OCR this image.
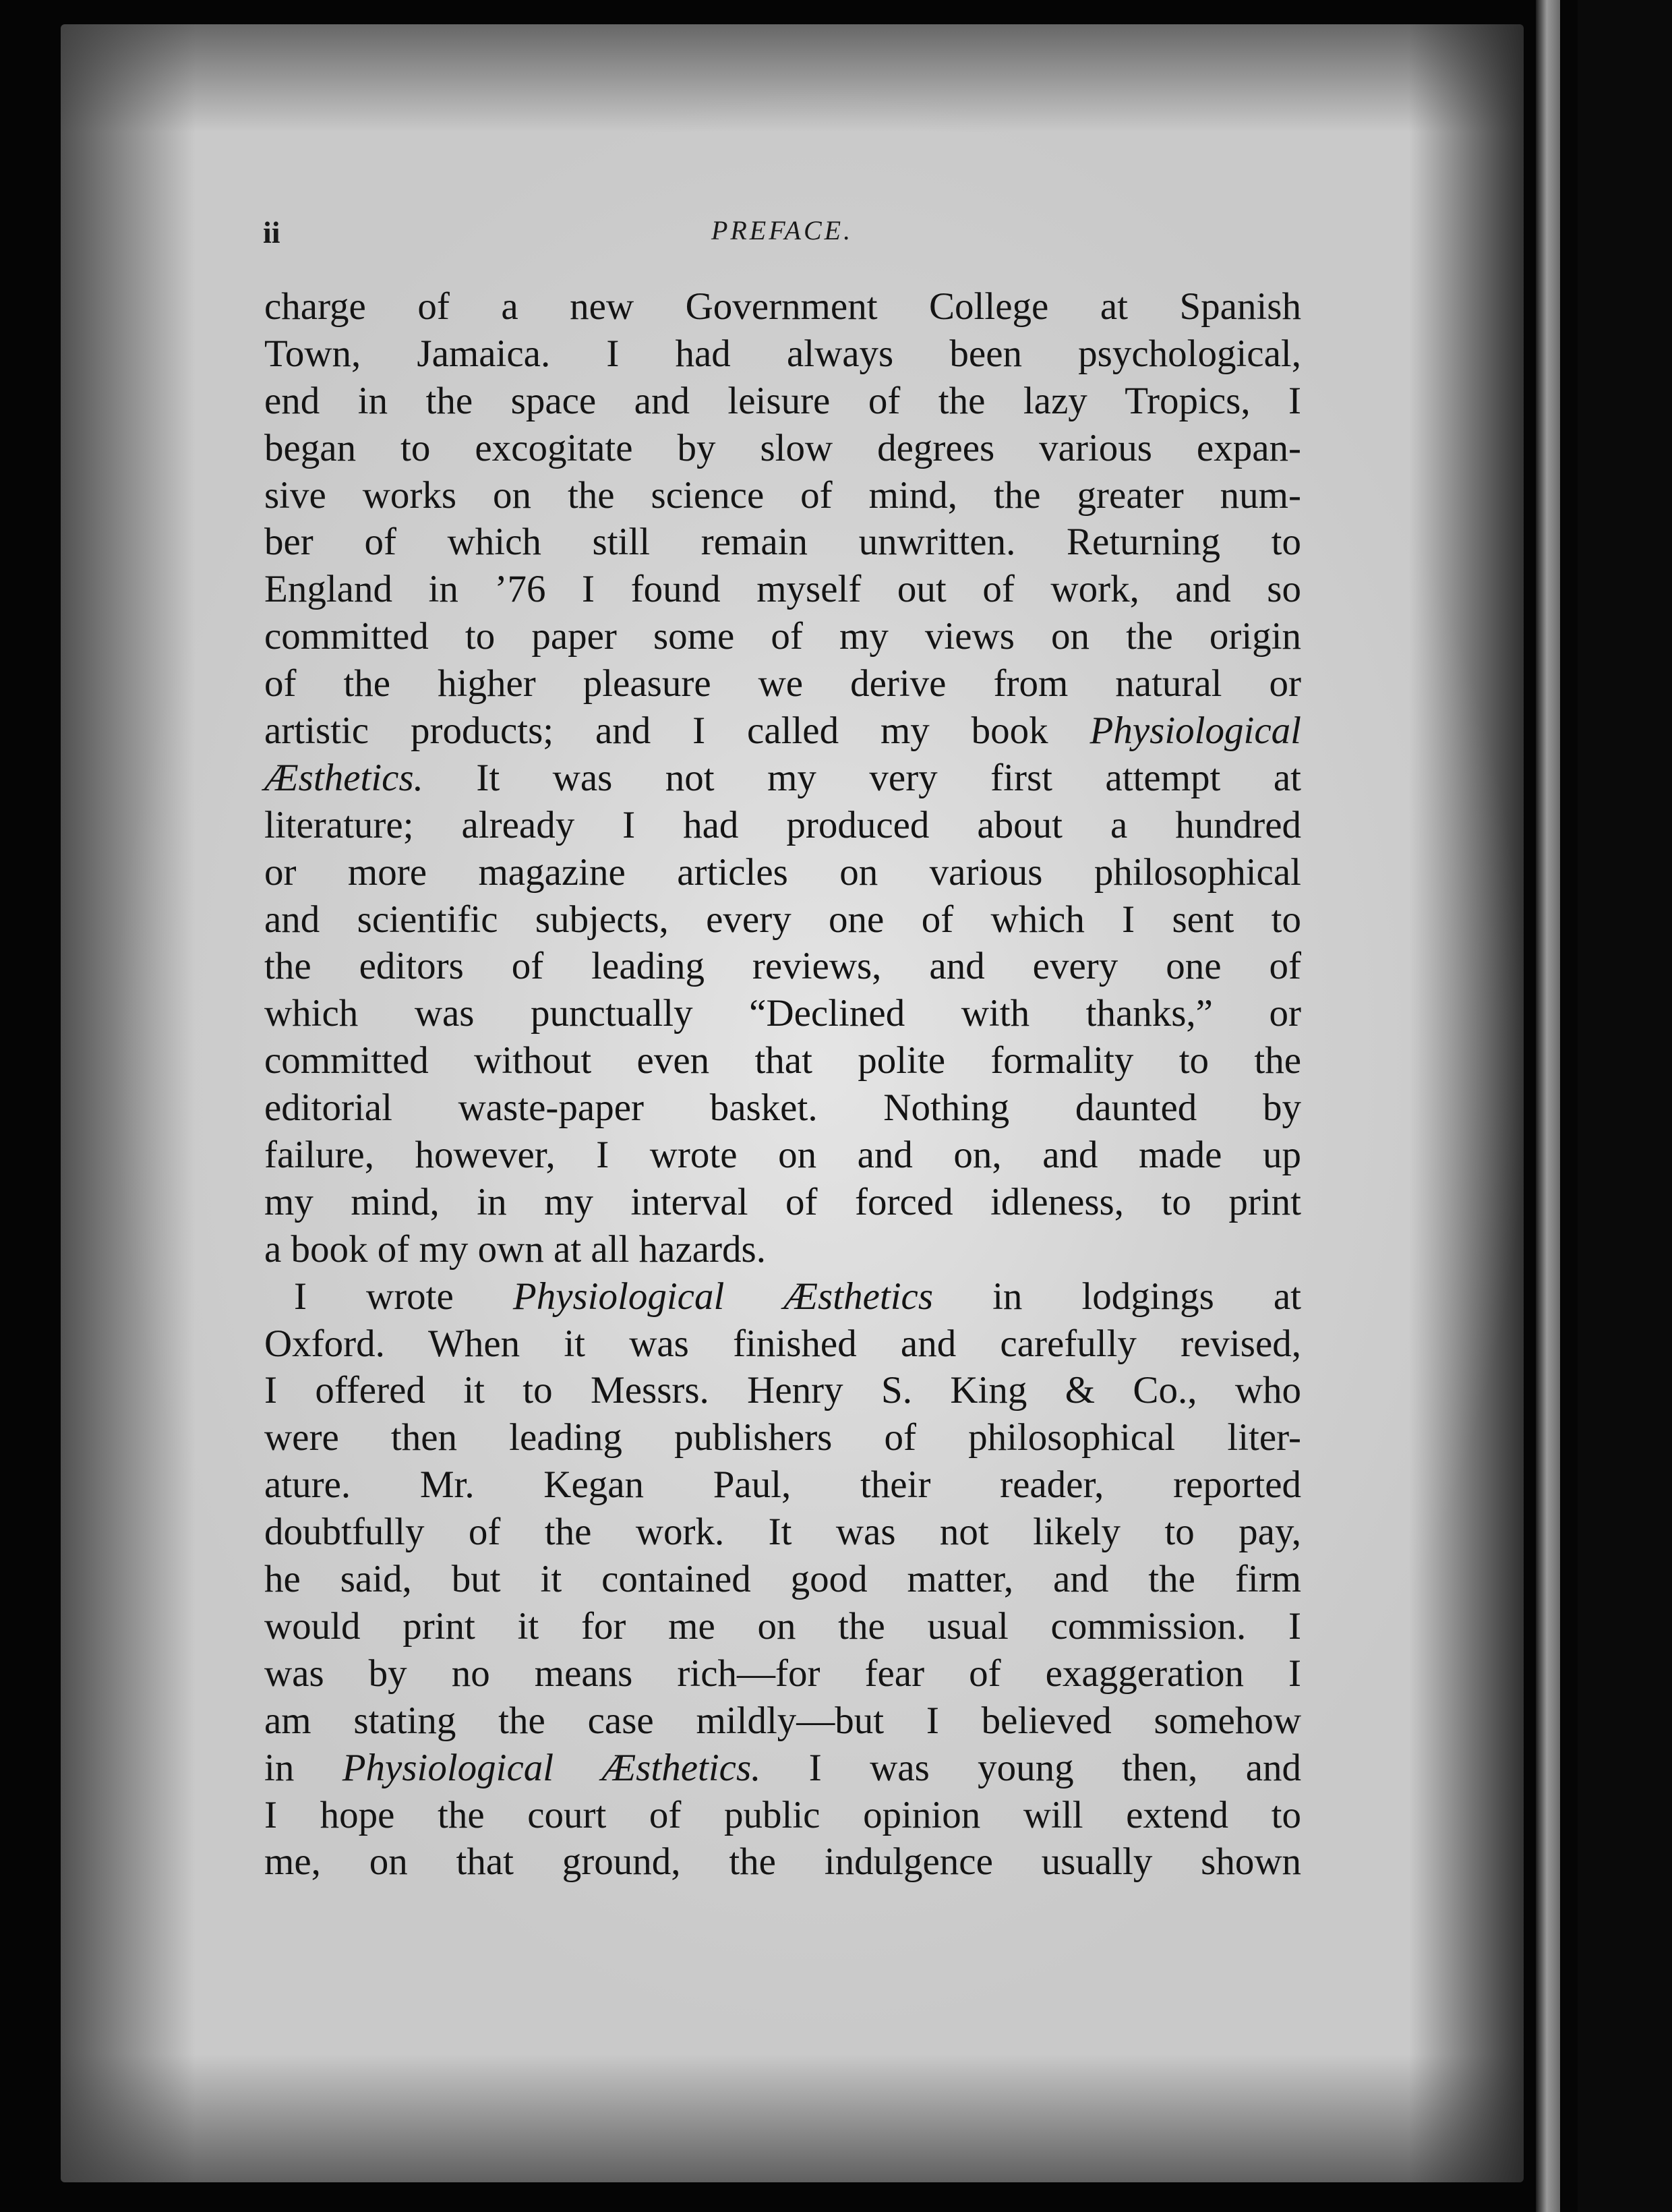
ii	PREFACE.
charge of a new Government College at Spanish
Town, Jamaica. I had always been psychological,
end in the space and leisure of the lazy Tropics, I
began to excogitate by slow degrees various expan-
sive works on the science of mind, the greater num-
ber of which still remain unwritten. Returning to
England in ’76 I found myself out of work, and so
committed to paper some of my views on the origin
of the higher pleasure we derive from natural or
artistic products; and I called my book Physiological
Æsthetics. It was not my very first attempt at
literature; already I had produced about a hundred
or more magazine articles on various philosophical
and scientific subjects, every one of which I sent to
the editors of leading reviews, and every one of
which was punctually “Declined with thanks,” or
committed without even that polite formality to the
editorial waste-paper basket. Nothing daunted by
failure, however, I wrote on and on, and made up
my mind, in my interval of forced idleness, to print
a book of my own at all hazards.
I wrote Physiological Æsthetics in lodgings at
Oxford. When it was finished and carefully revised,
I offered it to Messrs. Henry S. King & Co., who
were then leading publishers of philosophical liter-
ature. Mr. Kegan Paul, their reader, reported
doubtfully of the work. It was not likely to pay,
he said, but it contained good matter, and the firm
would print it for me on the usual commission. I
was by no means rich—for fear of exaggeration I
am stating the case mildly—but I believed somehow
in Physiological Æsthetics. I was young then, and
I hope the court of public opinion will extend to
me, on that ground, the indulgence usually shown
